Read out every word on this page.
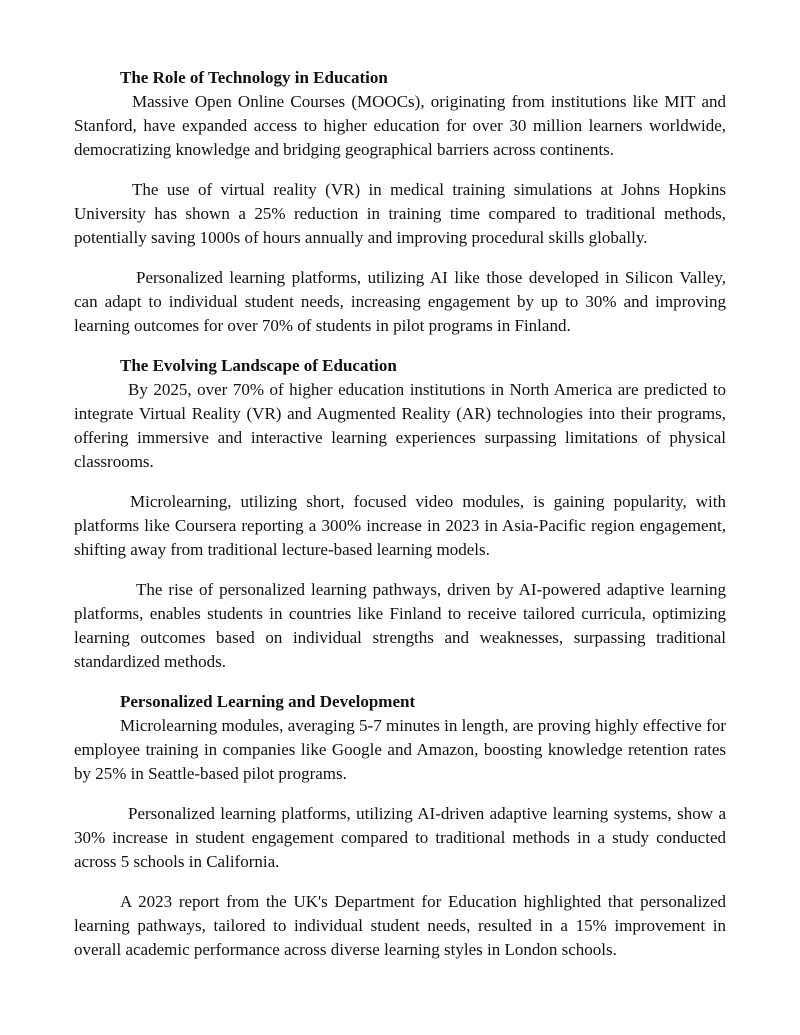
The Role of Technology in Education

Massive Open Online Courses (MOOCs), originating from institutions like MIT and Stanford, have expanded access to higher education for over 30 million learners worldwide, democratizing knowledge and bridging geographical barriers across continents.

The use of virtual reality (VR) in medical training simulations at Johns Hopkins University has shown a 25% reduction in training time compared to traditional methods, potentially saving 1000s of hours annually and improving procedural skills globally.

Personalized learning platforms, utilizing AI like those developed in Silicon Valley, can adapt to individual student needs, increasing engagement by up to 30% and improving learning outcomes for over 70% of students in pilot programs in Finland.

The Evolving Landscape of Education

By 2025, over 70% of higher education institutions in North America are predicted to integrate Virtual Reality (VR) and Augmented Reality (AR) technologies into their programs, offering immersive and interactive learning experiences surpassing limitations of physical classrooms.

Microlearning, utilizing short, focused video modules, is gaining popularity, with platforms like Coursera reporting a 300% increase in 2023 in Asia-Pacific region engagement, shifting away from traditional lecture-based learning models.

The rise of personalized learning pathways, driven by AI-powered adaptive learning platforms, enables students in countries like Finland to receive tailored curricula, optimizing learning outcomes based on individual strengths and weaknesses, surpassing traditional standardized methods.

Personalized Learning and Development

Microlearning modules, averaging 5-7 minutes in length, are proving highly effective for employee training in companies like Google and Amazon, boosting knowledge retention rates by 25% in Seattle-based pilot programs.

Personalized learning platforms, utilizing AI-driven adaptive learning systems, show a 30% increase in student engagement compared to traditional methods in a study conducted across 5 schools in California.

A 2023 report from the UK's Department for Education highlighted that personalized learning pathways, tailored to individual student needs, resulted in a 15% improvement in overall academic performance across diverse learning styles in London schools.
